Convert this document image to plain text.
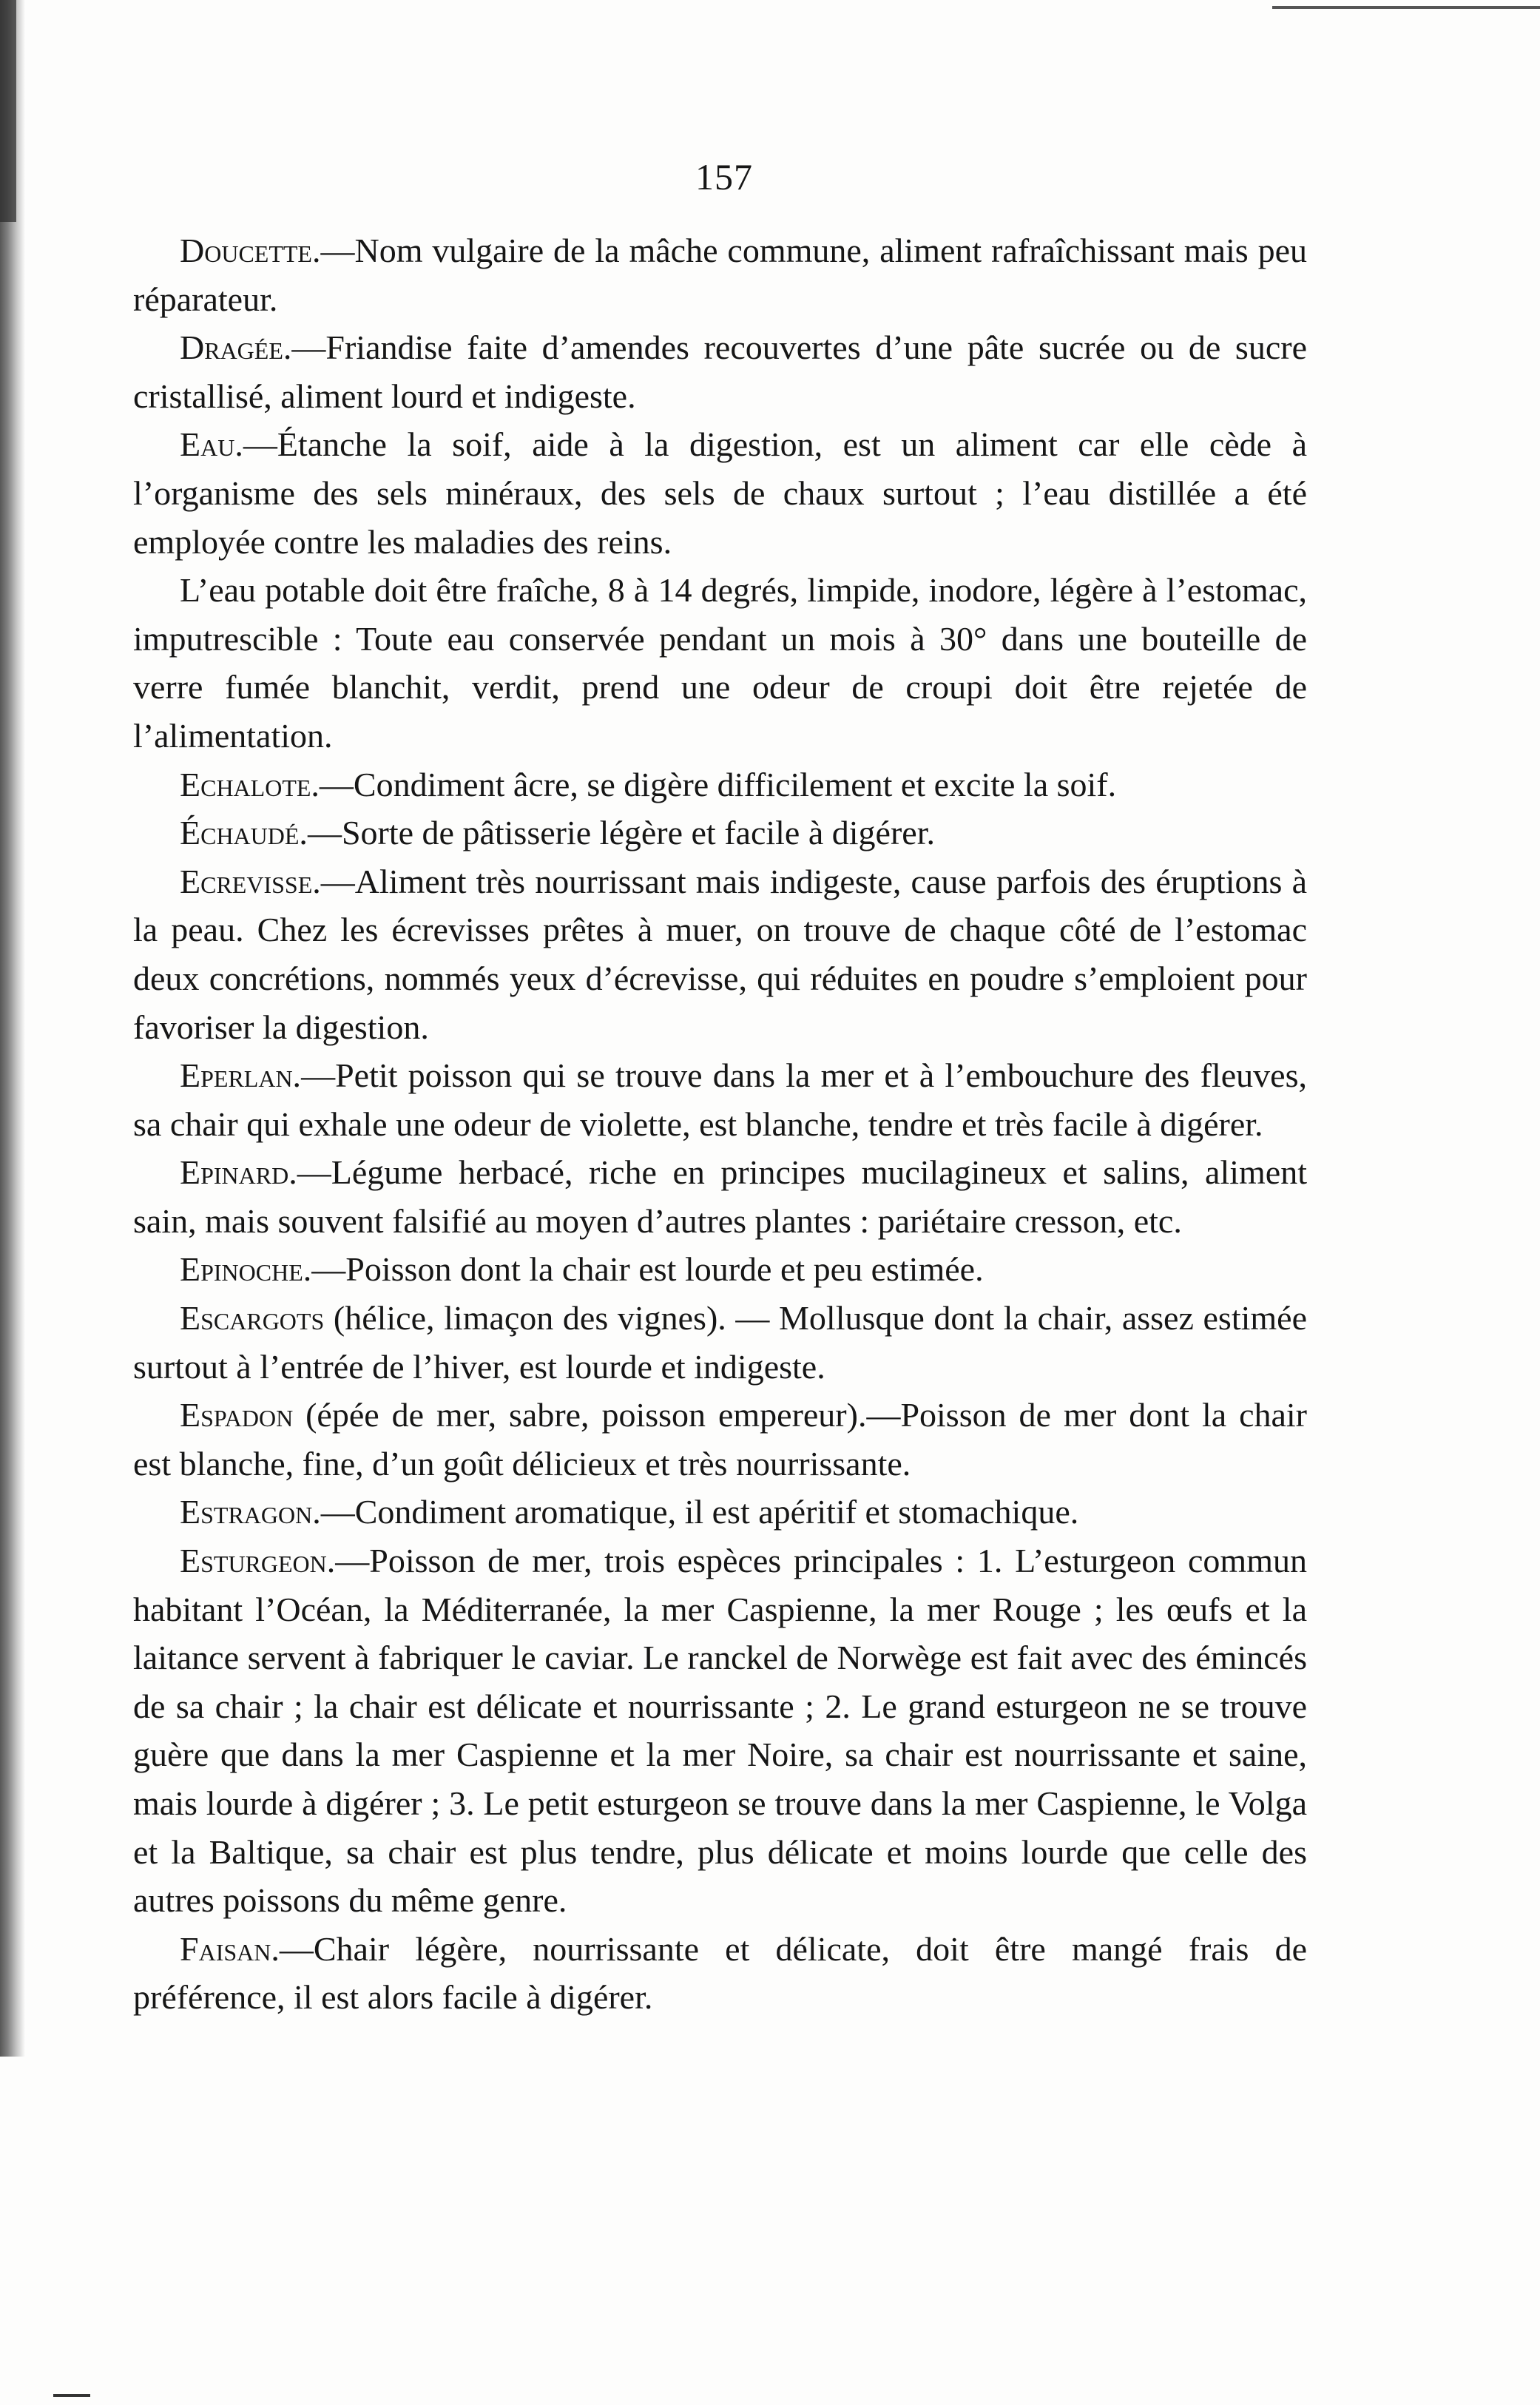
157

Doucette.—Nom vulgaire de la mâche commune, aliment rafraîchissant mais peu réparateur.

Dragée.—Friandise faite d’amendes recouvertes d’une pâte sucrée ou de sucre cristallisé, aliment lourd et indigeste.

Eau.—Étanche la soif, aide à la digestion, est un aliment car elle cède à l’organisme des sels minéraux, des sels de chaux surtout ; l’eau distillée a été employée contre les maladies des reins.

L’eau potable doit être fraîche, 8 à 14 degrés, limpide, inodore, légère à l’estomac, imputrescible : Toute eau conservée pendant un mois à 30° dans une bouteille de verre fumée blanchit, verdit, prend une odeur de croupi doit être rejetée de l’alimentation.

Echalote.—Condiment âcre, se digère difficilement et excite la soif.

Échaudé.—Sorte de pâtisserie légère et facile à digérer.

Ecrevisse.—Aliment très nourrissant mais indigeste, cause parfois des éruptions à la peau. Chez les écrevisses prêtes à muer, on trouve de chaque côté de l’estomac deux concrétions, nommés yeux d’écrevisse, qui réduites en poudre s’emploient pour favoriser la digestion.

Eperlan.—Petit poisson qui se trouve dans la mer et à l’embouchure des fleuves, sa chair qui exhale une odeur de violette, est blanche, tendre et très facile à digérer.

Epinard.—Légume herbacé, riche en principes mucilagineux et salins, aliment sain, mais souvent falsifié au moyen d’autres plantes : pariétaire cresson, etc.

Epinoche.—Poisson dont la chair est lourde et peu estimée.

Escargots (hélice, limaçon des vignes). — Mollusque dont la chair, assez estimée surtout à l’entrée de l’hiver, est lourde et indigeste.

Espadon (épée de mer, sabre, poisson empereur).—Poisson de mer dont la chair est blanche, fine, d’un goût délicieux et très nourrissante.

Estragon.—Condiment aromatique, il est apéritif et stomachique.

Esturgeon.—Poisson de mer, trois espèces principales : 1. L’esturgeon commun habitant l’Océan, la Méditerranée, la mer Caspienne, la mer Rouge ; les œufs et la laitance servent à fabriquer le caviar. Le ranckel de Norwège est fait avec des émincés de sa chair ; la chair est délicate et nourrissante ; 2. Le grand esturgeon ne se trouve guère que dans la mer Caspienne et la mer Noire, sa chair est nourrissante et saine, mais lourde à digérer ; 3. Le petit esturgeon se trouve dans la mer Caspienne, le Volga et la Baltique, sa chair est plus tendre, plus délicate et moins lourde que celle des autres poissons du même genre.

Faisan.—Chair légère, nourrissante et délicate, doit être mangé frais de préférence, il est alors facile à digérer.
